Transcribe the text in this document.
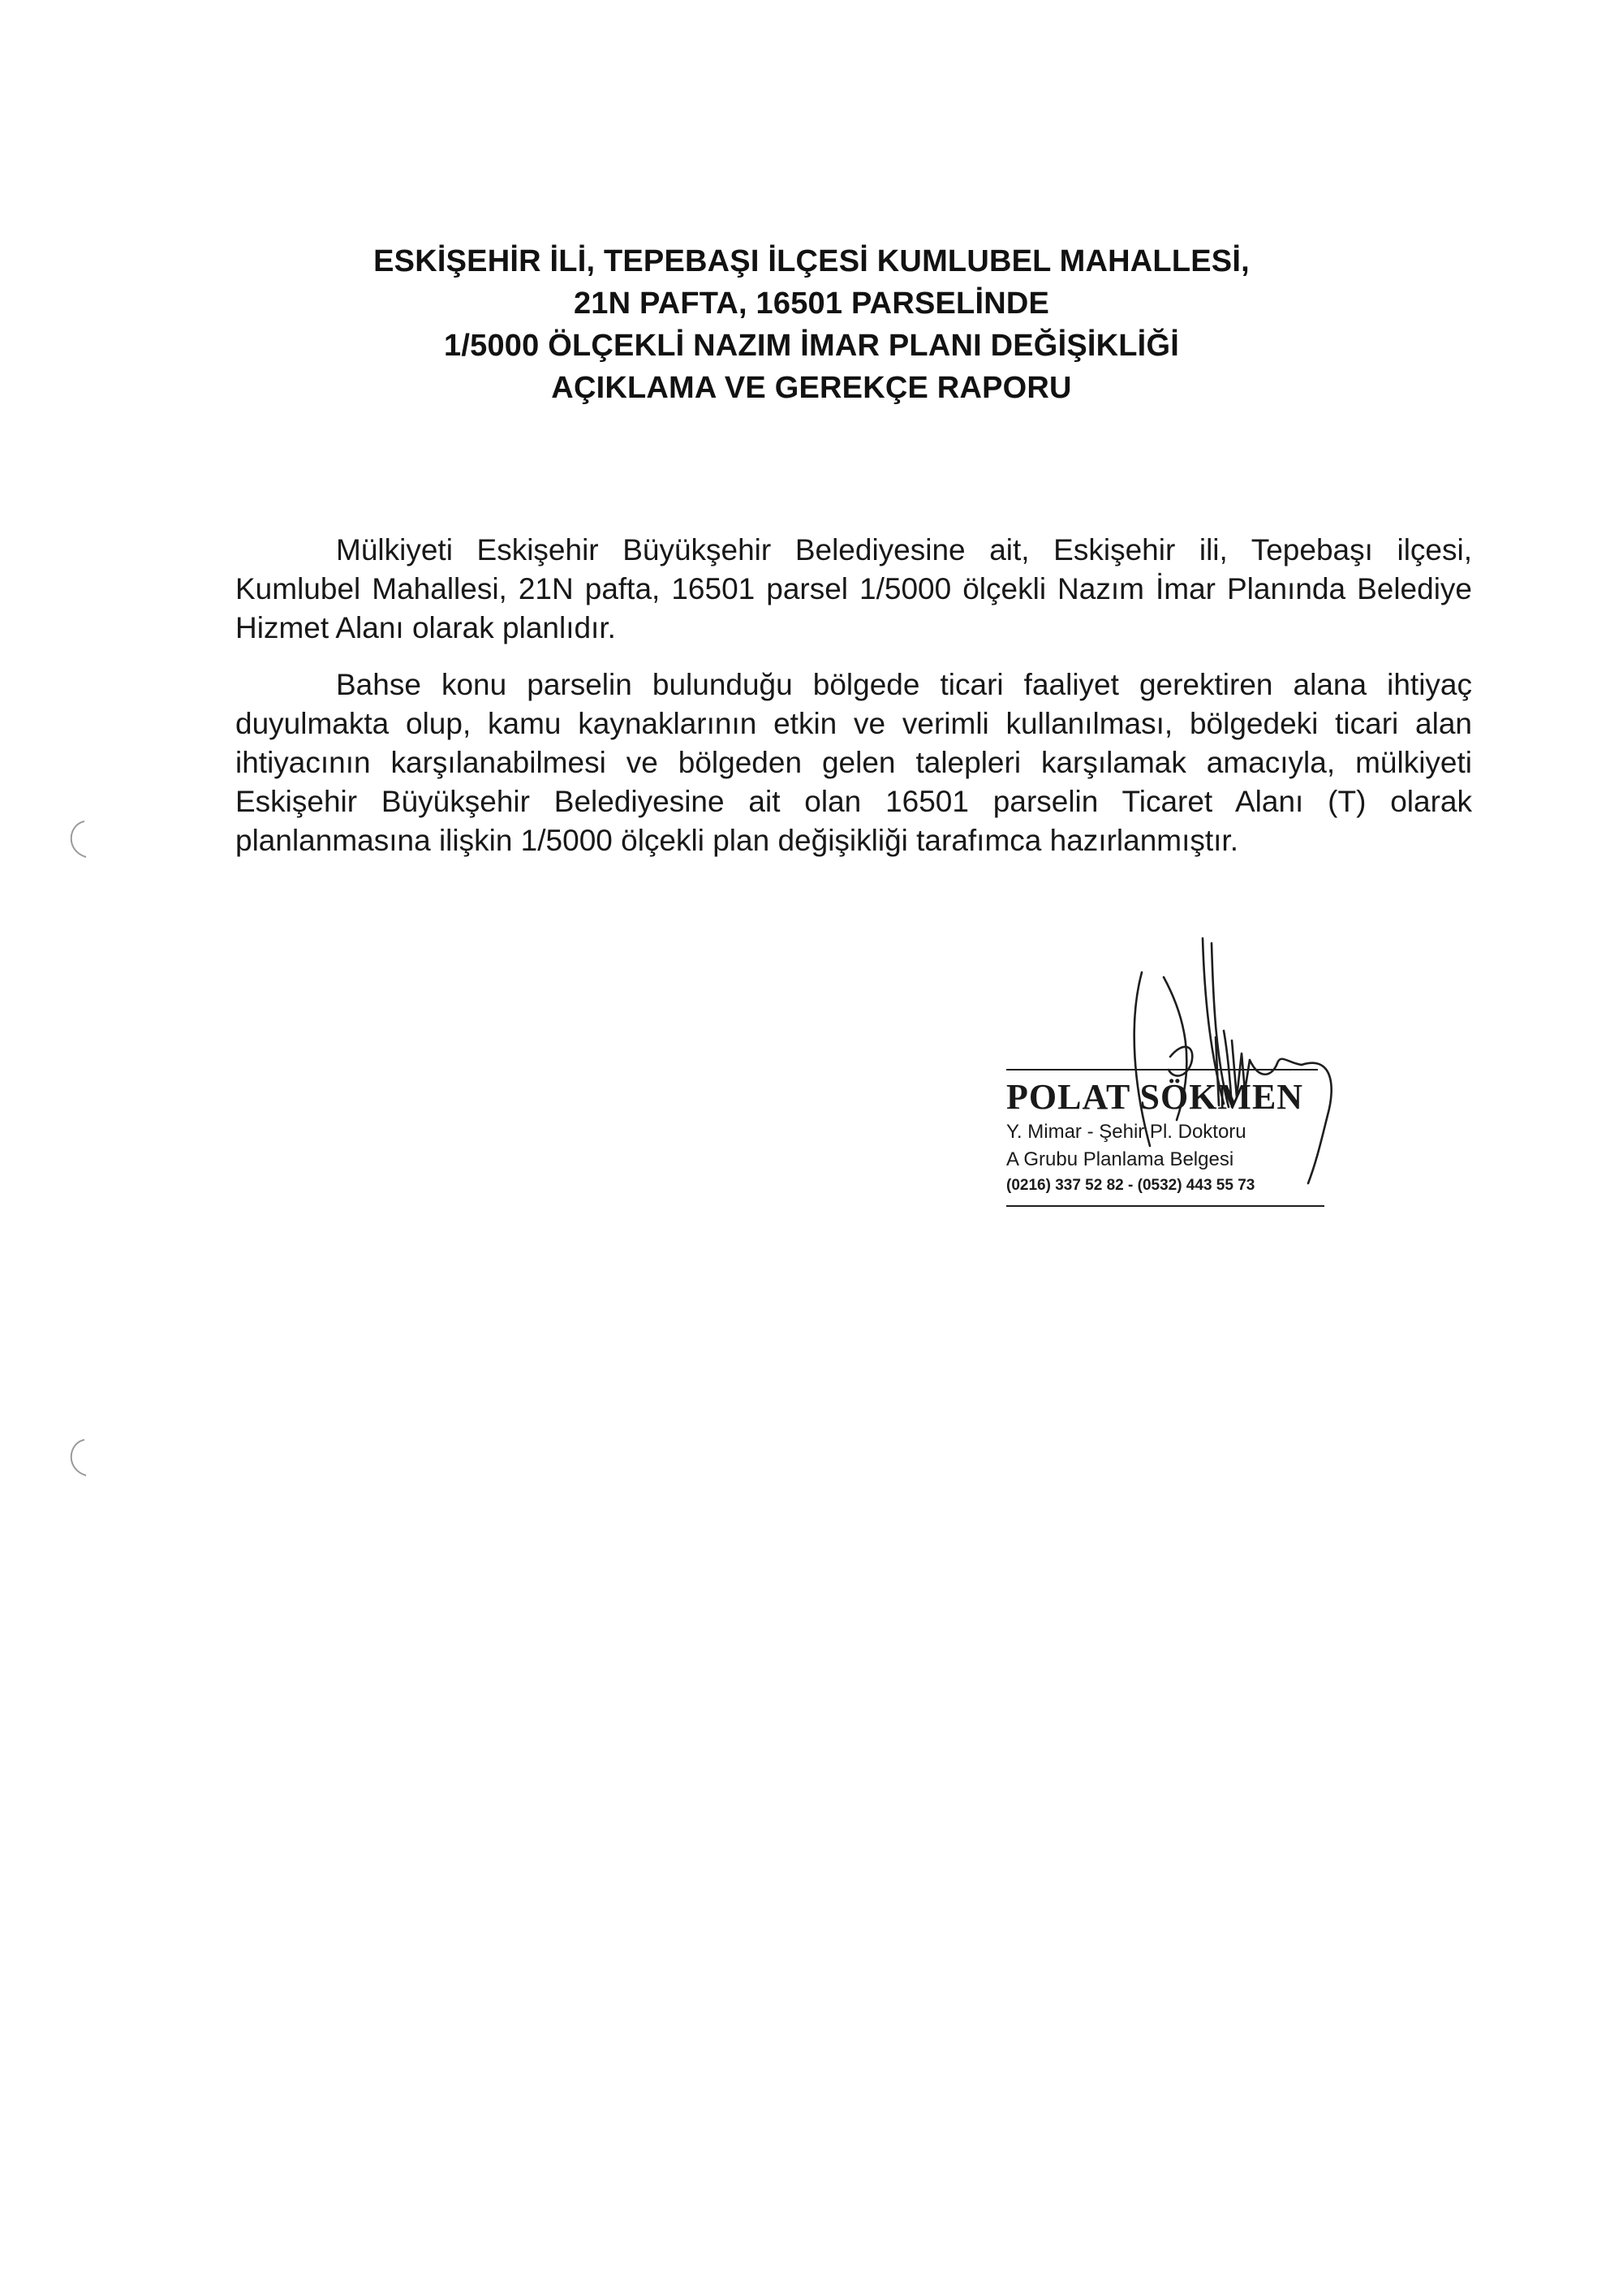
ESKİŞEHİR İLİ, TEPEBAŞI İLÇESİ KUMLUBEL MAHALLESİ,
21N PAFTA, 16501 PARSELİNDE
1/5000 ÖLÇEKLİ NAZIM İMAR PLANI DEĞİŞİKLİĞİ
AÇIKLAMA VE GEREKÇE RAPORU

Mülkiyeti Eskişehir Büyükşehir Belediyesine ait, Eskişehir ili, Tepebaşı ilçesi, Kumlubel Mahallesi, 21N pafta, 16501 parsel 1/5000 ölçekli Nazım İmar Planında Belediye Hizmet Alanı olarak planlıdır.

Bahse konu parselin bulunduğu bölgede ticari faaliyet gerektiren alana ihtiyaç duyulmakta olup, kamu kaynaklarının etkin ve verimli kullanılması, bölgedeki ticari alan ihtiyacının karşılanabilmesi ve bölgeden gelen talepleri karşılamak amacıyla, mülkiyeti Eskişehir Büyükşehir Belediyesine ait olan 16501 parselin Ticaret Alanı (T) olarak planlanmasına ilişkin 1/5000 ölçekli plan değişikliği tarafımca hazırlanmıştır.

POLAT SÖKMEN
Y. Mimar - Şehir Pl. Doktoru
A Grubu Planlama Belgesi
(0216) 337 52 82 - (0532) 443 55 73
